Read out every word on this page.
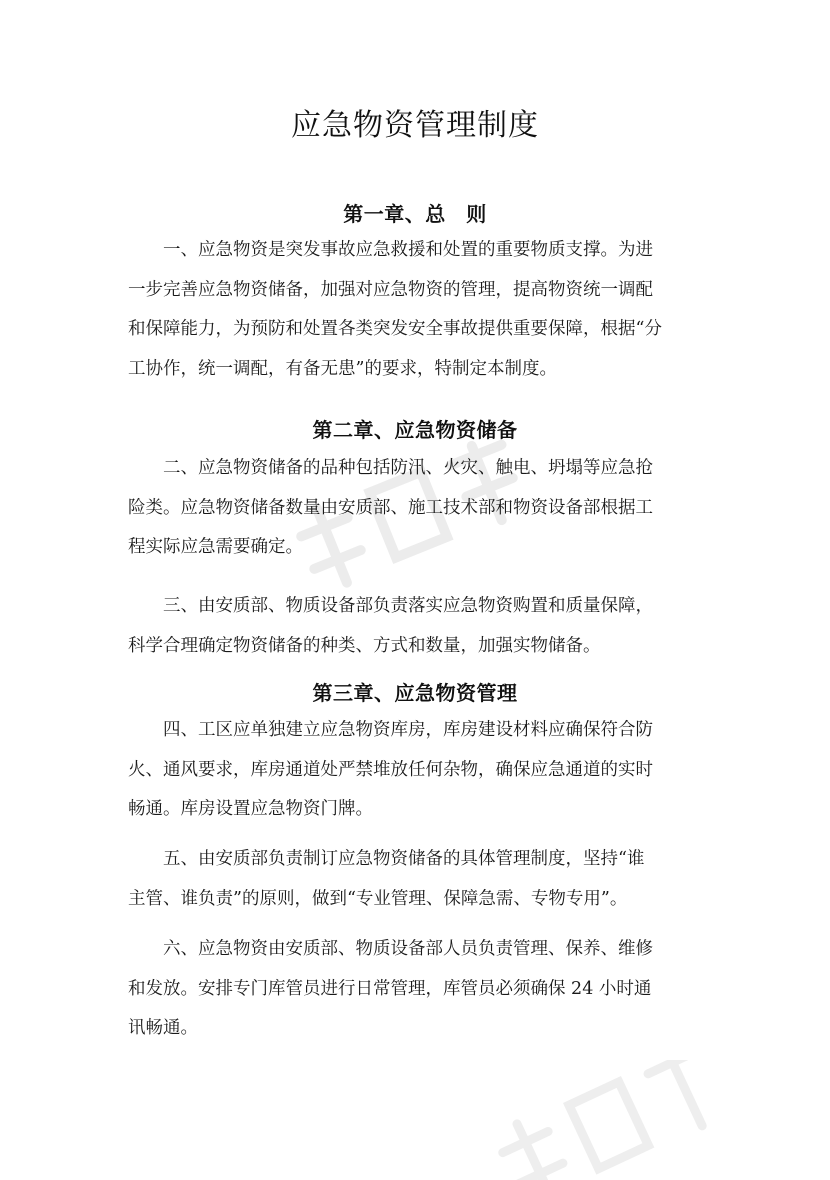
应急物资管理制度
第一章、总　则
一、应急物资是突发事故应急救援和处置的重要物质支撑。为进
一步完善应急物资储备，加强对应急物资的管理，提高物资统一调配
和保障能力，为预防和处置各类突发安全事故提供重要保障，根据“分
工协作，统一调配，有备无患”的要求，特制定本制度。
第二章、应急物资储备
二、应急物资储备的品种包括防汛、火灾、触电、坍塌等应急抢
险类。应急物资储备数量由安质部、施工技术部和物资设备部根据工
程实际应急需要确定。
三、由安质部、物质设备部负责落实应急物资购置和质量保障，
科学合理确定物资储备的种类、方式和数量，加强实物储备。
第三章、应急物资管理
四、工区应单独建立应急物资库房，库房建设材料应确保符合防
火、通风要求，库房通道处严禁堆放任何杂物，确保应急通道的实时
畅通。库房设置应急物资门牌。
五、由安质部负责制订应急物资储备的具体管理制度，坚持“谁
主管、谁负责”的原则，做到“专业管理、保障急需、专物专用”。
六、应急物资由安质部、物质设备部人员负责管理、保养、维修
和发放。安排专门库管员进行日常管理，库管员必须确保 24 小时通
讯畅通。
